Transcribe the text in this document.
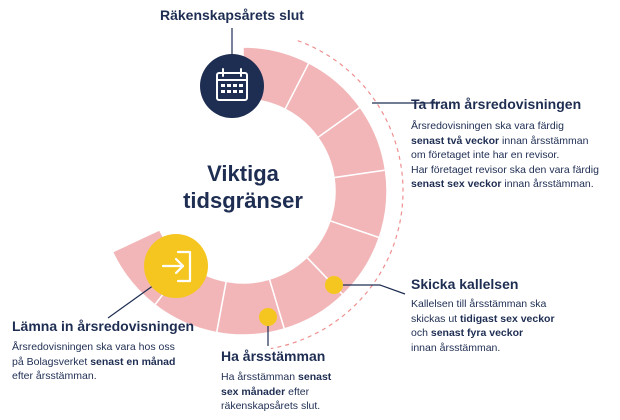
Viktiga
tidsgränser
Räkenskapsårets slut
Ta fram årsredovisningen
Årsredovisningen ska vara färdig
senast två veckor innan årsstämman
om företaget inte har en revisor.
Har företaget revisor ska den vara färdig
senast sex veckor innan årsstämman.
Skicka kallelsen
Kallelsen till årsstämman ska
skickas ut tidigast sex veckor
och senast fyra veckor
innan årsstämman.
Ha årsstämman
Ha årsstämman senast
sex månader efter
räkenskapsårets slut.
Lämna in årsredovisningen
Årsredovisningen ska vara hos oss
på Bolagsverket senast en månad
efter årsstämman.
